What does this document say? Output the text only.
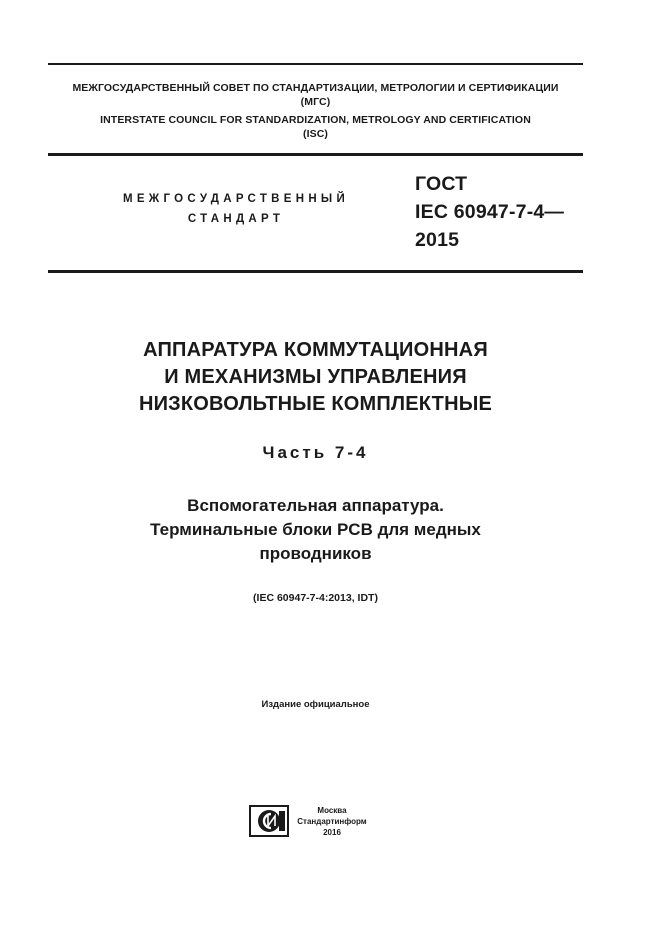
МЕЖГОСУДАРСТВЕННЫЙ СОВЕТ ПО СТАНДАРТИЗАЦИИ, МЕТРОЛОГИИ И СЕРТИФИКАЦИИ
(МГС)
INTERSTATE COUNCIL FOR STANDARDIZATION, METROLOGY AND CERTIFICATION
(ISC)
МЕЖГОСУДАРСТВЕННЫЙ
СТАНДАРТ
ГОСТ
IEC 60947-7-4—
2015
АППАРАТУРА КОММУТАЦИОННАЯ
И МЕХАНИЗМЫ УПРАВЛЕНИЯ
НИЗКОВОЛЬТНЫЕ КОМПЛЕКТНЫЕ
Часть 7-4
Вспомогательная аппаратура.
Терминальные блоки PCB для медных
проводников
(IEC 60947-7-4:2013, IDT)
Издание официальное
Москва
Стандартинформ
2016
